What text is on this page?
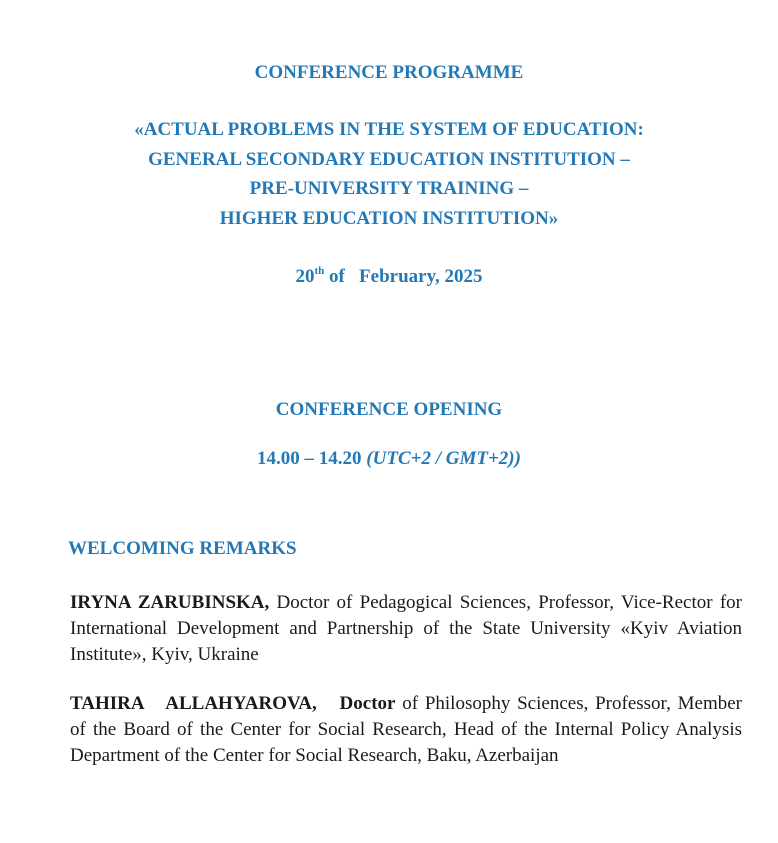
CONFERENCE PROGRAMME
«ACTUAL PROBLEMS IN THE SYSTEM OF EDUCATION:
GENERAL SECONDARY EDUCATION INSTITUTION –
PRE-UNIVERSITY TRAINING –
HIGHER EDUCATION INSTITUTION»
20th of   February, 2025
CONFERENCE OPENING
14.00 – 14.20 (UTC+2 / GMT+2))
WELCOMING REMARKS
IRYNA ZARUBINSKA, Doctor of Pedagogical Sciences, Professor, Vice-Rector for International Development and Partnership of the State University «Kyiv Aviation Institute», Kyiv, Ukraine
TAHIRA ALLAHYAROVA, Doctor of Philosophy Sciences, Professor, Member of the Board of the Center for Social Research, Head of the Internal Policy Analysis Department of the Center for Social Research, Baku, Azerbaijan
